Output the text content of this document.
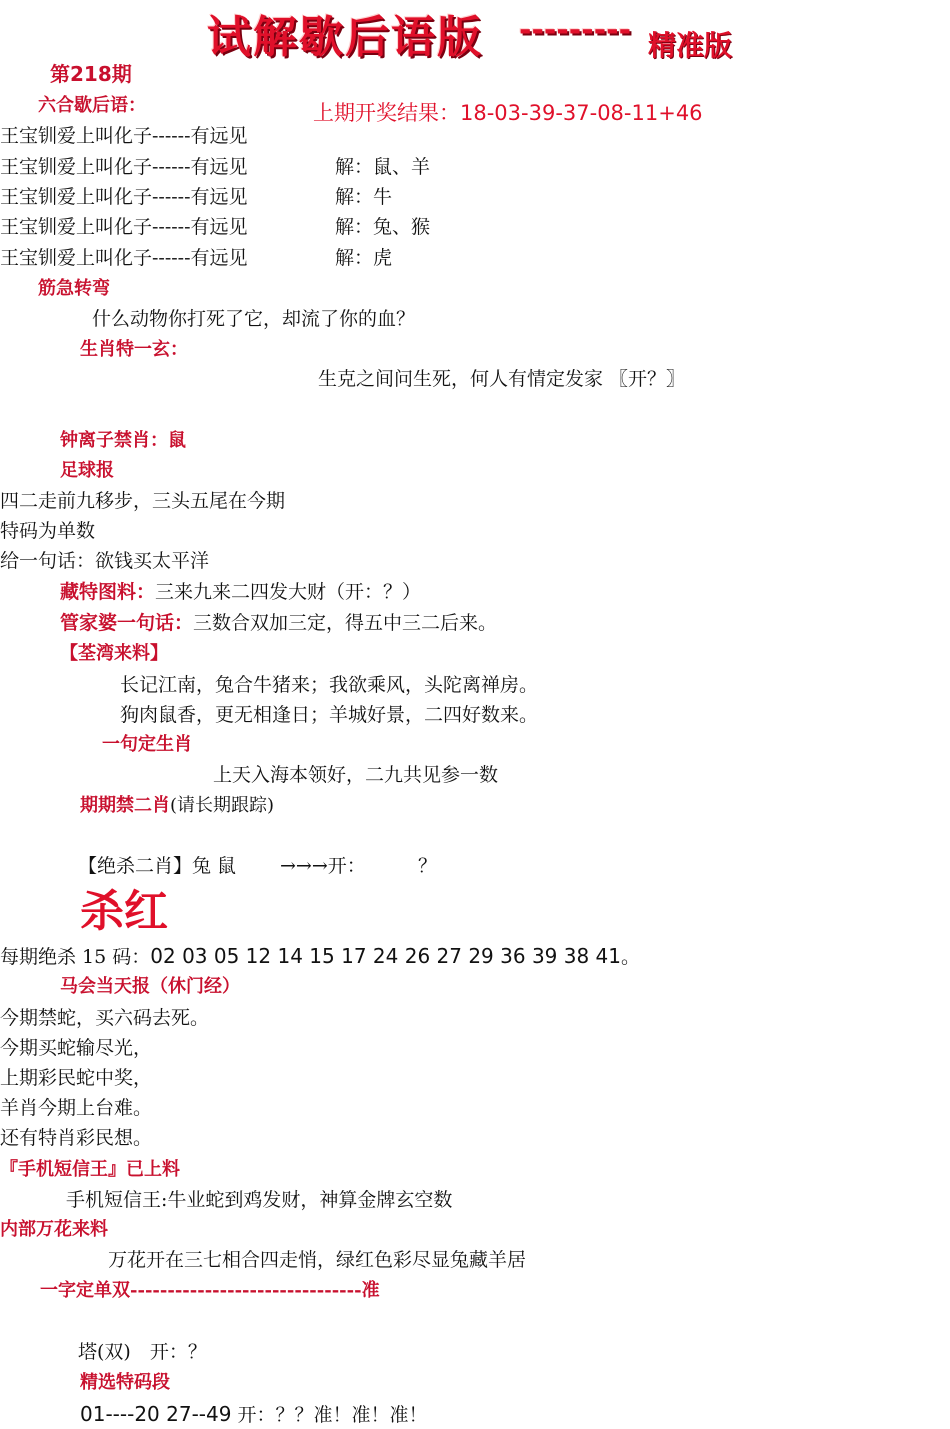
试解歇后语版 --------- 精准版
第218期
上期开奖结果：18-03-39-37-08-11+46
六合歇后语：
王宝钏爱上叫化子------有远见
王宝钏爱上叫化子------有远见	解：鼠、羊
王宝钏爱上叫化子------有远见	解：牛
王宝钏爱上叫化子------有远见	解：兔、猴
王宝钏爱上叫化子------有远见	解：虎
筋急转弯
什么动物你打死了它，却流了你的血？
生肖特一玄：
生克之间问生死，何人有情定发家 〖开？〗
钟离子禁肖：鼠
足球报
四二走前九移步，三头五尾在今期
特码为单数
给一句话：欲钱买太平洋
藏特图料：三来九来二四发大财（开：？）
管家婆一句话：三数合双加三定，得五中三二后来。
【荃湾来料】
长记江南，兔合牛猪来；我欲乘风，头陀离禅房。
狗肉鼠香，更无相逢日；羊城好景，二四好数来。
一句定生肖
上天入海本领好，二九共见参一数
期期禁二肖(请长期跟踪)
【绝杀二肖】兔 鼠 →→→开：	？
杀红
每期绝杀 15 码：02 03 05 12 14 15 17 24 26 27 29 36 39 38 41。
马会当天报（休门经）
今期禁蛇，买六码去死。
今期买蛇输尽光，
上期彩民蛇中奖，
羊肖今期上台难。
还有特肖彩民想。
『手机短信王』已上料
手机短信王:牛业蛇到鸡发财，神算金牌玄空数
内部万花来料
万花开在三七相合四走悄，绿红色彩尽显兔藏羊居
一字定单双-------------------------------准
塔(双)　开：？
精选特码段
01----20 27--49 开：？？准！准！准！
